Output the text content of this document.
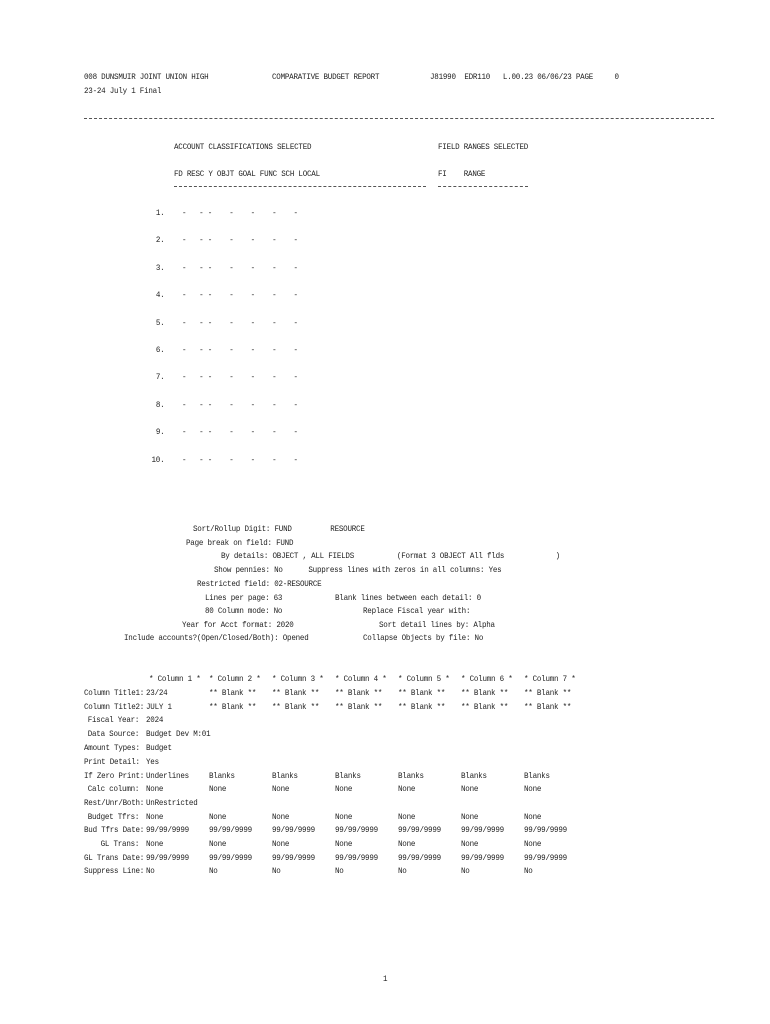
008 DUNSMUIR JOINT UNION HIGH	COMPARATIVE BUDGET REPORT	J81990  EDR110   L.00.23 06/06/23 PAGE     0
23-24 July 1 Final
ACCOUNT CLASSIFICATIONS SELECTED	FIELD RANGES SELECTED
FD RESC Y OBJT GOAL FUNC SCH LOCAL	FI    RANGE
1. -   - -    -    -    -    -
2. -   - -    -    -    -    -
3. -   - -    -    -    -    -
4. -   - -    -    -    -    -
5. -   - -    -    -    -    -
6. -   - -    -    -    -    -
7. -   - -    -    -    -    -
8. -   - -    -    -    -    -
9. -   - -    -    -    -    -
10. -   - -    -    -    -    -
Sort/Rollup Digit: FUND         RESOURCE
Page break on field: FUND
By details: OBJECT , ALL FIELDS          (Format 3 OBJECT All flds            )
Show pennies: No      Suppress lines with zeros in all columns: Yes
Restricted field: 02-RESOURCE
Lines per page: 63	Blank lines between each detail: 0
80 Column mode: No	Replace Fiscal year with:
Year for Acct format: 2020	Sort detail lines by: Alpha
Include accounts?(Open/Closed/Both): Opened	Collapse Objects by file: No
* Column 1 * * Column 2 * * Column 3 * * Column 4 * * Column 5 * * Column 6 * * Column 7 *
Column Title1: 23/24	** Blank ** ** Blank ** ** Blank ** ** Blank ** ** Blank ** ** Blank **
Column Title2: JULY 1	** Blank ** ** Blank ** ** Blank ** ** Blank ** ** Blank ** ** Blank **
Fiscal Year: 2024
Data Source: Budget Dev M:01
Amount Types: Budget
Print Detail: Yes
If Zero Print: Underlines Blanks	Blanks	Blanks	Blanks	Blanks	Blanks
Calc column: None	None	None	None	None	None	None
Rest/Unr/Both: UnRestricted
Budget Tfrs: None	None	None	None	None	None	None
Bud Tfrs Date: 99/99/9999 99/99/9999 99/99/9999 99/99/9999 99/99/9999 99/99/9999 99/99/9999
GL Trans: None	None	None	None	None	None	None
GL Trans Date: 99/99/9999 99/99/9999 99/99/9999 99/99/9999 99/99/9999 99/99/9999 99/99/9999
Suppress Line: No	No	No	No	No	No	No
1
